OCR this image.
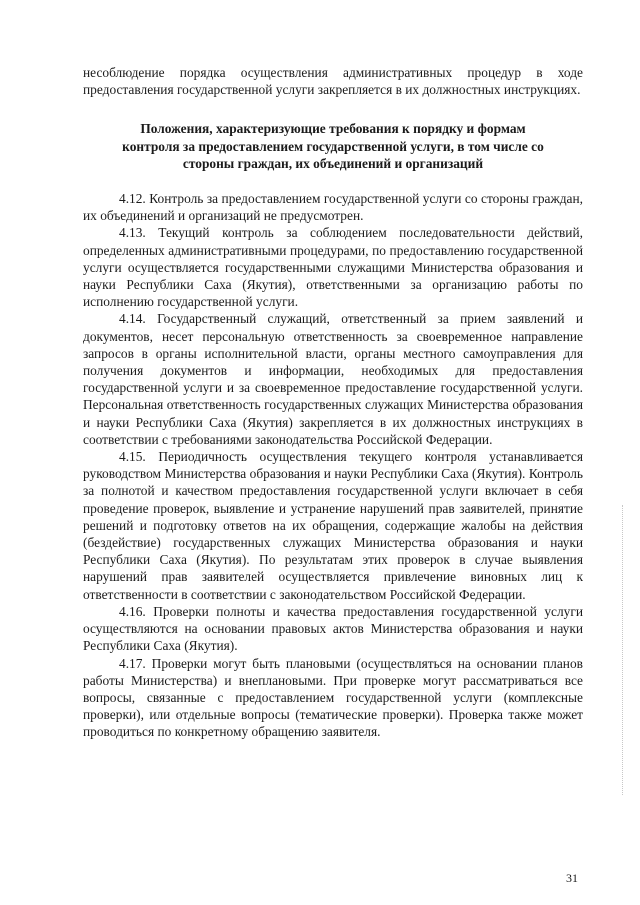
несоблюдение порядка осуществления административных процедур в ходе предоставления государственной услуги закрепляется в их должностных инструкциях.

Положения, характеризующие требования к порядку и формам
контроля за предоставлением государственной услуги, в том числе со
стороны граждан, их объединений и организаций

4.12. Контроль за предоставлением государственной услуги со стороны граждан, их объединений и организаций не предусмотрен.

4.13. Текущий контроль за соблюдением последовательности действий, определенных административными процедурами, по предоставлению государственной услуги осуществляется государственными служащими Министерства образования и науки Республики Саха (Якутия), ответственными за организацию работы по исполнению государственной услуги.

4.14. Государственный служащий, ответственный за прием заявлений и документов, несет персональную ответственность за своевременное направление запросов в органы исполнительной власти, органы местного самоуправления для получения документов и информации, необходимых для предоставления государственной услуги и за своевременное предоставление государственной услуги. Персональная ответственность государственных служащих Министерства образования и науки Республики Саха (Якутия) закрепляется в их должностных инструкциях в соответствии с требованиями законодательства Российской Федерации.

4.15. Периодичность осуществления текущего контроля устанавливается руководством Министерства образования и науки Республики Саха (Якутия). Контроль за полнотой и качеством предоставления государственной услуги включает в себя проведение проверок, выявление и устранение нарушений прав заявителей, принятие решений и подготовку ответов на их обращения, содержащие жалобы на действия (бездействие) государственных служащих Министерства образования и науки Республики Саха (Якутия). По результатам этих проверок в случае выявления нарушений прав заявителей осуществляется привлечение виновных лиц к ответственности в соответствии с законодательством Российской Федерации.

4.16. Проверки полноты и качества предоставления государственной услуги осуществляются на основании правовых актов Министерства образования и науки Республики Саха (Якутия).

4.17. Проверки могут быть плановыми (осуществляться на основании планов работы Министерства) и внеплановыми. При проверке могут рассматриваться все вопросы, связанные с предоставлением государственной услуги (комплексные проверки), или отдельные вопросы (тематические проверки). Проверка также может проводиться по конкретному обращению заявителя.

31
